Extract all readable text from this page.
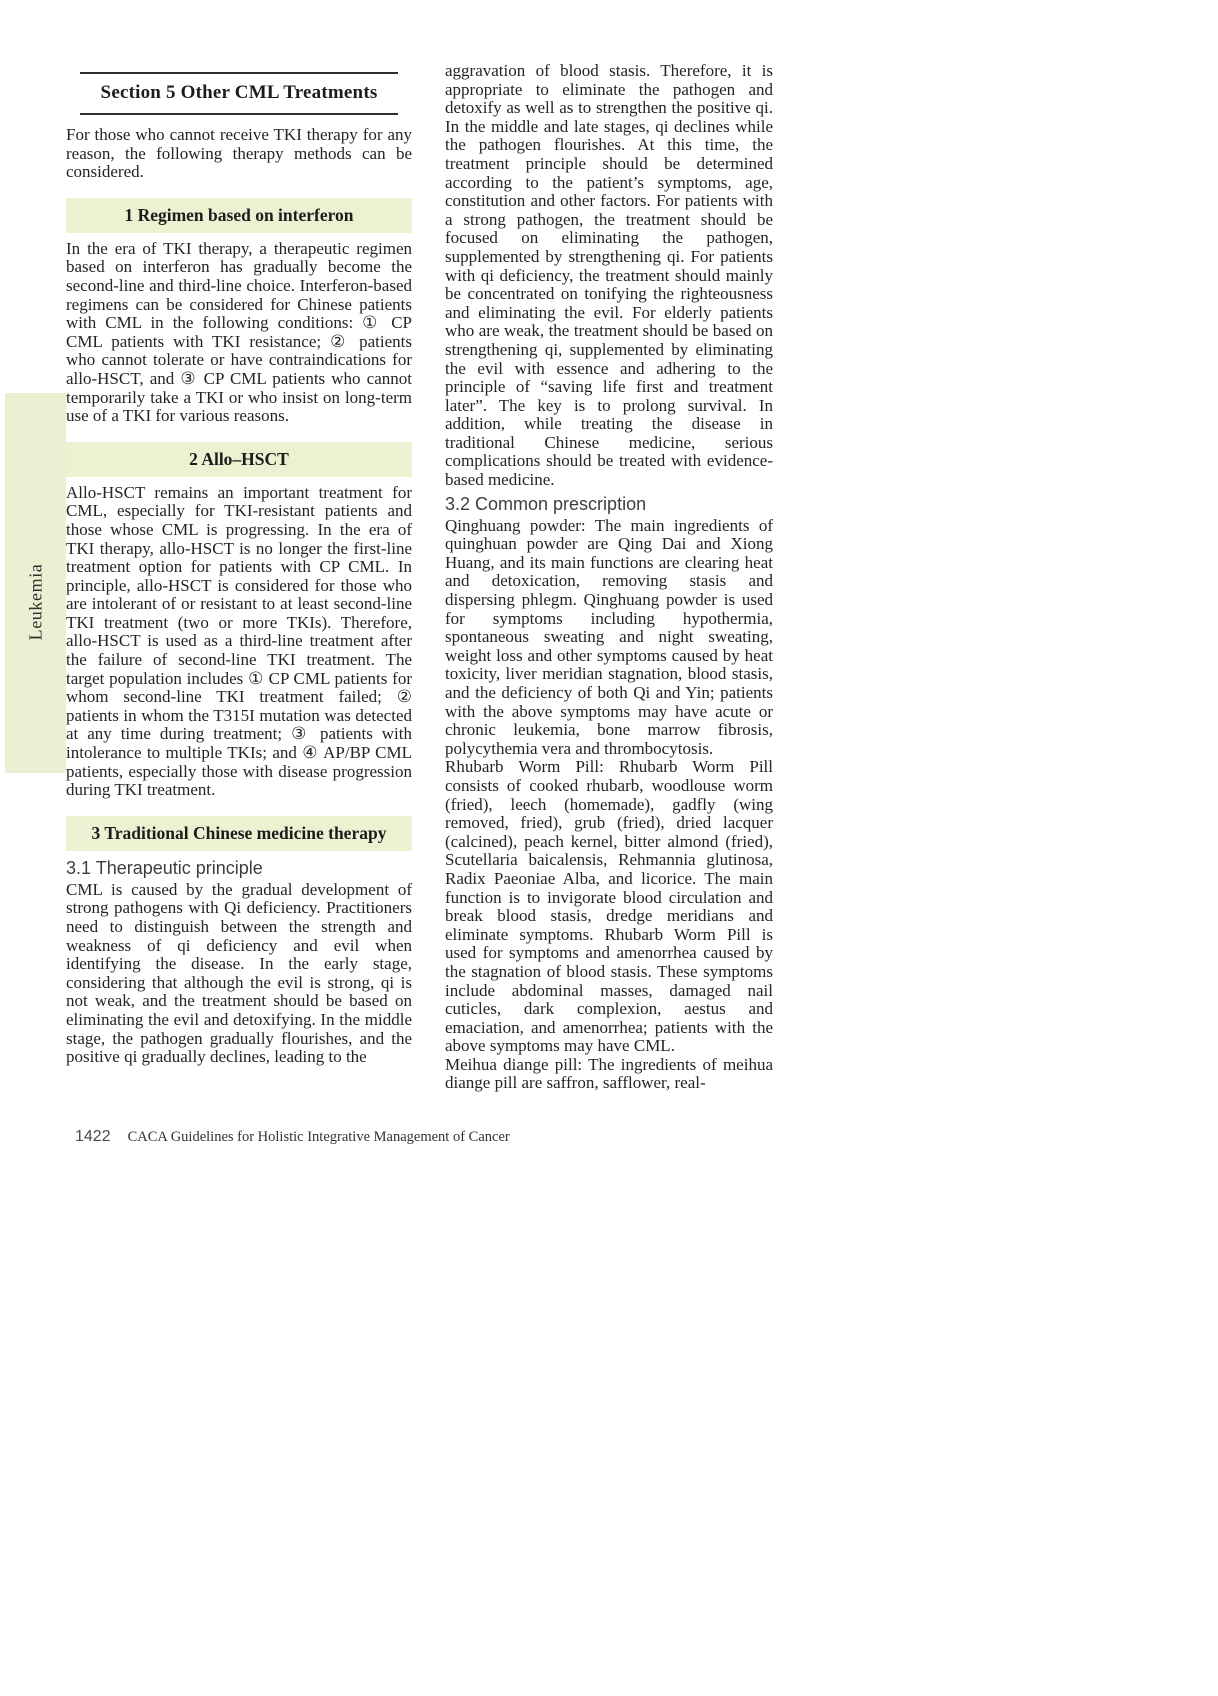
Leukemia
Section 5 Other CML Treatments

For those who cannot receive TKI therapy for any reason, the following therapy methods can be considered.

1 Regimen based on interferon

In the era of TKI therapy, a therapeutic regimen based on interferon has gradually become the second-line and third-line choice. Interferon-based regimens can be considered for Chinese patients with CML in the following conditions: ① CP CML patients with TKI resistance; ② patients who cannot tolerate or have contraindications for allo-HSCT, and ③ CP CML patients who cannot temporarily take a TKI or who insist on long-term use of a TKI for various reasons.

2 Allo–HSCT

Allo-HSCT remains an important treatment for CML, especially for TKI-resistant patients and those whose CML is progressing. In the era of TKI therapy, allo-HSCT is no longer the first-line treatment option for patients with CP CML. In principle, allo-HSCT is considered for those who are intolerant of or resistant to at least second-line TKI treatment (two or more TKIs). Therefore, allo-HSCT is used as a third-line treatment after the failure of second-line TKI treatment. The target population includes ① CP CML patients for whom second-line TKI treatment failed; ② patients in whom the T315I mutation was detected at any time during treatment; ③ patients with intolerance to multiple TKIs; and ④ AP/BP CML patients, especially those with disease progression during TKI treatment.

3 Traditional Chinese medicine therapy
3.1 Therapeutic principle

CML is caused by the gradual development of strong pathogens with Qi deficiency. Practitioners need to distinguish between the strength and weakness of qi deficiency and evil when identifying the disease. In the early stage, considering that although the evil is strong, qi is not weak, and the treatment should be based on eliminating the evil and detoxifying. In the middle stage, the pathogen gradually flourishes, and the positive qi gradually declines, leading to the

aggravation of blood stasis. Therefore, it is appropriate to eliminate the pathogen and detoxify as well as to strengthen the positive qi. In the middle and late stages, qi declines while the pathogen flourishes. At this time, the treatment principle should be determined according to the patient’s symptoms, age, constitution and other factors. For patients with a strong pathogen, the treatment should be focused on eliminating the pathogen, supplemented by strengthening qi. For patients with qi deficiency, the treatment should mainly be concentrated on tonifying the righteousness and eliminating the evil. For elderly patients who are weak, the treatment should be based on strengthening qi, supplemented by eliminating the evil with essence and adhering to the principle of “saving life first and treatment later”. The key is to prolong survival. In addition, while treating the disease in traditional Chinese medicine, serious complications should be treated with evidence-based medicine.

3.2 Common prescription

Qinghuang powder: The main ingredients of quinghuan powder are Qing Dai and Xiong Huang, and its main functions are clearing heat and detoxication, removing stasis and dispersing phlegm. Qinghuang powder is used for symptoms including hypothermia, spontaneous sweating and night sweating, weight loss and other symptoms caused by heat toxicity, liver meridian stagnation, blood stasis, and the deficiency of both Qi and Yin; patients with the above symptoms may have acute or chronic leukemia, bone marrow fibrosis, polycythemia vera and thrombocytosis.

Rhubarb Worm Pill: Rhubarb Worm Pill consists of cooked rhubarb, woodlouse worm (fried), leech (homemade), gadfly (wing removed, fried), grub (fried), dried lacquer (calcined), peach kernel, bitter almond (fried), Scutellaria baicalensis, Rehmannia glutinosa, Radix Paeoniae Alba, and licorice. The main function is to invigorate blood circulation and break blood stasis, dredge meridians and eliminate symptoms. Rhubarb Worm Pill is used for symptoms and amenorrhea caused by the stagnation of blood stasis. These symptoms include abdominal masses, damaged nail cuticles, dark complexion, aestus and emaciation, and amenorrhea; patients with the above symptoms may have CML.

Meihua diange pill: The ingredients of meihua diange pill are saffron, safflower, real-

1422 CACA Guidelines for Holistic Integrative Management of Cancer
